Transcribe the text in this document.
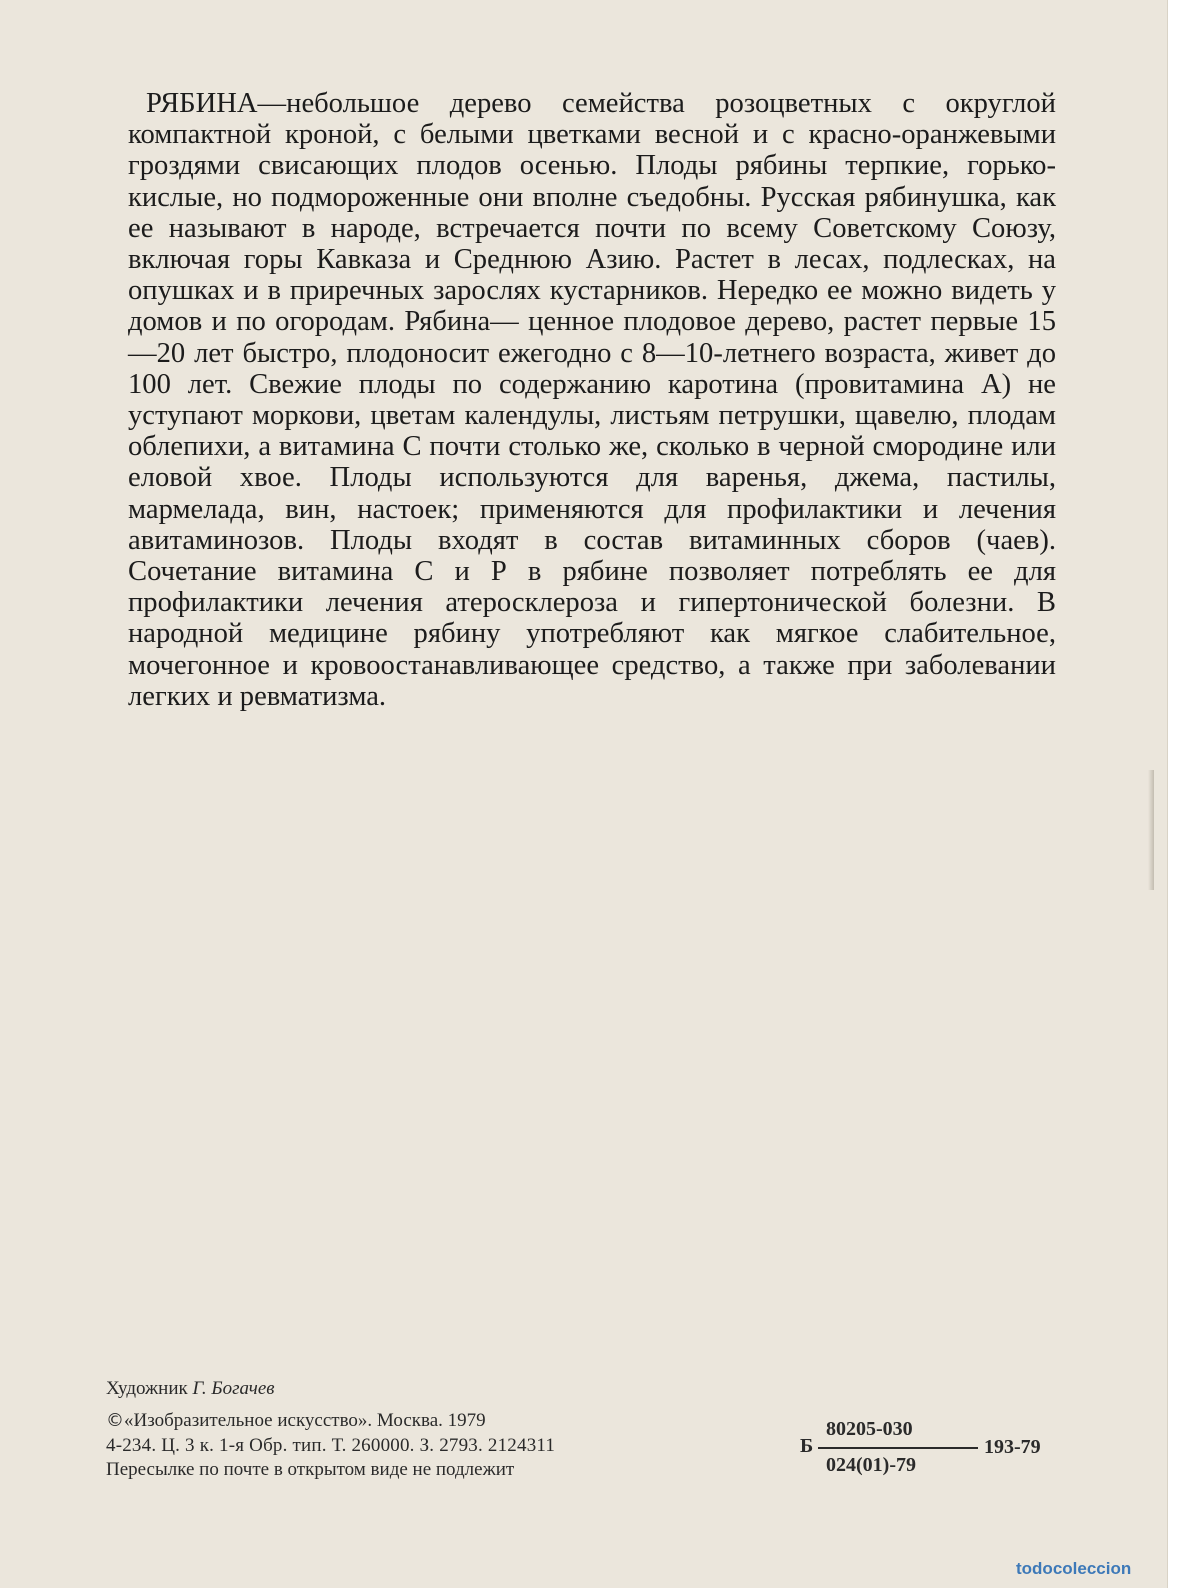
РЯБИНА—небольшое дерево семейства розоцветных с округлой компактной кроной, с белыми цветками весной и с красно-оранжевыми гроздями свисающих плодов осенью. Плоды рябины терпкие, горько-кислые, но подмороженные они вполне съедобны. Русская рябинушка, как ее называют в народе, встречается почти по всему Советскому Союзу, включая горы Кавказа и Среднюю Азию. Растет в лесах, подлесках, на опушках и в приречных зарослях кустарников. Нередко ее можно видеть у домов и по огородам. Рябина— ценное плодовое дерево, растет первые 15—20 лет быстро, плодоносит ежегодно с 8—10-летнего возраста, живет до 100 лет. Свежие плоды по содержанию каротина (провитамина А) не уступают моркови, цветам календулы, листьям петрушки, щавелю, плодам облепихи, а витамина С почти столько же, сколько в черной смородине или еловой хвое. Плоды используются для варенья, джема, пастилы, мармелада, вин, настоек; применяются для профилактики и лечения авитаминозов. Плоды входят в состав витаминных сборов (чаев). Сочетание витамина С и Р в рябине позволяет потреблять ее для профилактики лечения атеросклероза и гипертонической болезни. В народной медицине рябину употребляют как мягкое слабительное, мочегонное и кровоостанавливающее средство, а также при заболевании легких и ревматизма.

Художник Г. Богачев

©«Изобразительное искусство». Москва. 1979

4-234. Ц. 3 к. 1-я Обр. тип. Т. 260000. З. 2793. 2124311

Пересылке по почте в открытом виде не подлежит

Б
80205-030
024(01)-79
193-79
todocoleccion
